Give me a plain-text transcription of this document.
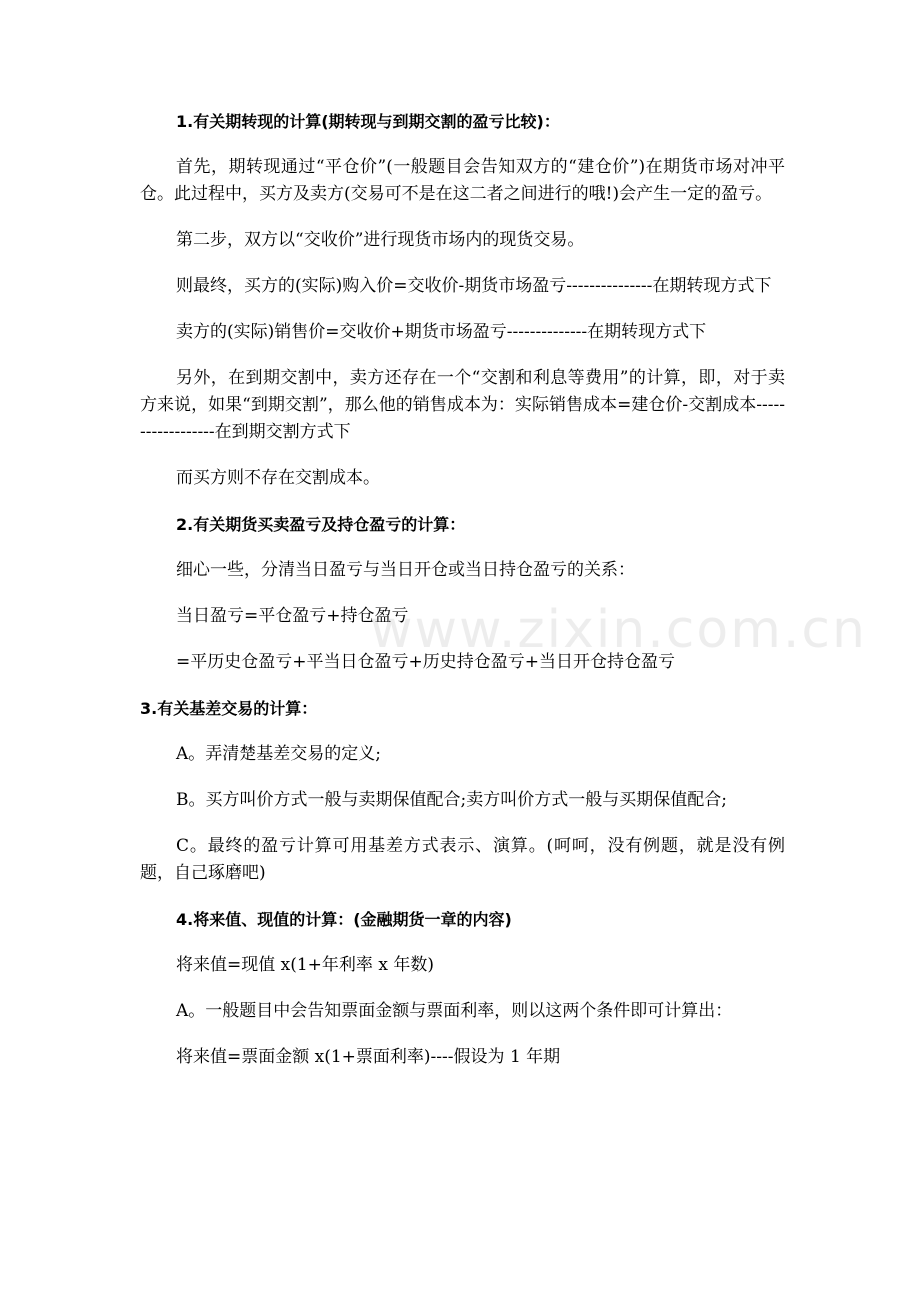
1.有关期转现的计算(期转现与到期交割的盈亏比较)：

首先，期转现通过“平仓价”(一般题目会告知双方的“建仓价”)在期货市场对冲平仓。此过程中，买方及卖方(交易可不是在这二者之间进行的哦!)会产生一定的盈亏。

第二步，双方以“交收价”进行现货市场内的现货交易。

则最终，买方的(实际)购入价=交收价-期货市场盈亏---------------在期转现方式下

卖方的(实际)销售价=交收价+期货市场盈亏--------------在期转现方式下

另外，在到期交割中，卖方还存在一个“交割和利息等费用”的计算，即，对于卖方来说，如果“到期交割”，那么他的销售成本为：实际销售成本=建仓价-交割成本------------------在到期交割方式下

而买方则不存在交割成本。

2.有关期货买卖盈亏及持仓盈亏的计算：

细心一些，分清当日盈亏与当日开仓或当日持仓盈亏的关系：

当日盈亏=平仓盈亏+持仓盈亏

=平历史仓盈亏+平当日仓盈亏+历史持仓盈亏+当日开仓持仓盈亏

3.有关基差交易的计算：

A。弄清楚基差交易的定义;

B。买方叫价方式一般与卖期保值配合;卖方叫价方式一般与买期保值配合;

C。最终的盈亏计算可用基差方式表示、演算。(呵呵，没有例题，就是没有例题，自己琢磨吧)

4.将来值、现值的计算：(金融期货一章的内容)

将来值=现值 x(1+年利率 x 年数)

A。一般题目中会告知票面金额与票面利率，则以这两个条件即可计算出：

将来值=票面金额 x(1+票面利率)----假设为 1 年期

www.zixin.com.cn
